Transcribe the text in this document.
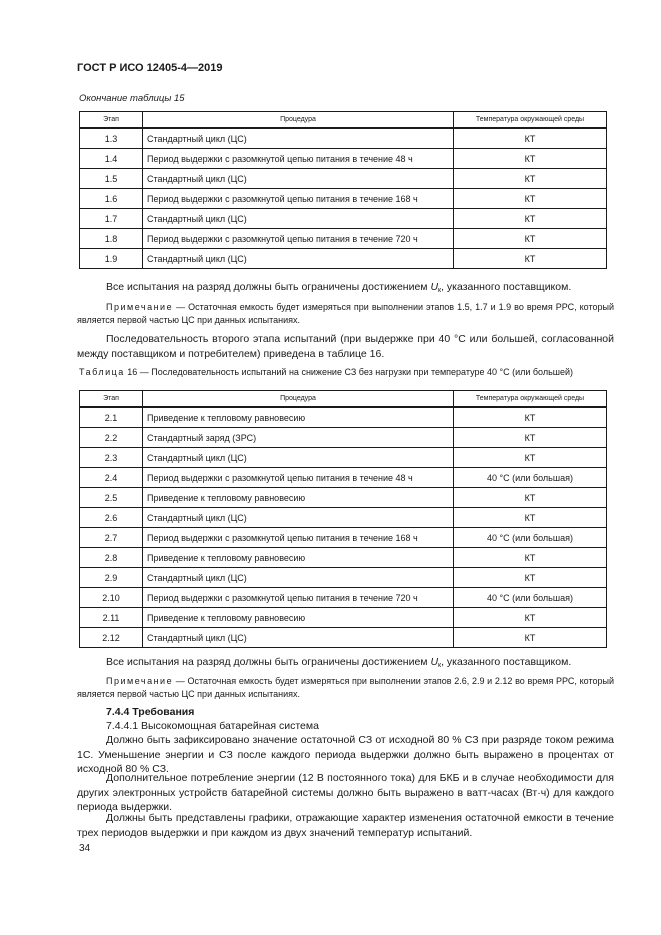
ГОСТ Р ИСО 12405-4—2019
Окончание таблицы 15
Этап	Процедура	Температура окружающей среды
1.3	Стандартный цикл (ЦС)	КТ
1.4	Период выдержки с разомкнутой цепью питания в течение 48 ч	КТ
1.5	Стандартный цикл (ЦС)	КТ
1.6	Период выдержки с разомкнутой цепью питания в течение 168 ч	КТ
1.7	Стандартный цикл (ЦС)	КТ
1.8	Период выдержки с разомкнутой цепью питания в течение 720 ч	КТ
1.9	Стандартный цикл (ЦС)	КТ
Все испытания на разряд должны быть ограничены достижением $U_к$, указанного поставщиком.
Примечание — Остаточная емкость будет измеряться при выполнении этапов 1.5, 1.7 и 1.9 во время РРС, который является первой частью ЦС при данных испытаниях.
Последовательность второго этапа испытаний (при выдержке при 40 °С или большей, согласованной между поставщиком и потребителем) приведена в таблице 16.
Таблица 16 — Последовательность испытаний на снижение СЗ без нагрузки при температуре 40 °С (или большей)
Этап	Процедура	Температура окружающей среды
2.1	Приведение к тепловому равновесию	КТ
2.2	Стандартный заряд (ЗРС)	КТ
2.3	Стандартный цикл (ЦС)	КТ
2.4	Период выдержки с разомкнутой цепью питания в течение 48 ч	40 °С (или большая)
2.5	Приведение к тепловому равновесию	КТ
2.6	Стандартный цикл (ЦС)	КТ
2.7	Период выдержки с разомкнутой цепью питания в течение 168 ч	40 °С (или большая)
2.8	Приведение к тепловому равновесию	КТ
2.9	Стандартный цикл (ЦС)	КТ
2.10	Период выдержки с разомкнутой цепью питания в течение 720 ч	40 °С (или большая)
2.11	Приведение к тепловому равновесию	КТ
2.12	Стандартный цикл (ЦС)	КТ
Все испытания на разряд должны быть ограничены достижением $U_к$, указанного поставщиком.
Примечание — Остаточная емкость будет измеряться при выполнении этапов 2.6, 2.9 и 2.12 во время РРС, который является первой частью ЦС при данных испытаниях.
7.4.4 Требования
7.4.4.1 Высокомощная батарейная система
Должно быть зафиксировано значение остаточной СЗ от исходной 80 % СЗ при разряде током режима 1С. Уменьшение энергии и СЗ после каждого периода выдержки должно быть выражено в процентах от исходной 80 % СЗ.
Дополнительное потребление энергии (12 В постоянного тока) для БКБ и в случае необходимости для других электронных устройств батарейной системы должно быть выражено в ватт-часах (Вт·ч) для каждого периода выдержки.
Должны быть представлены графики, отражающие характер изменения остаточной емкости в течение трех периодов выдержки и при каждом из двух значений температур испытаний.
34
